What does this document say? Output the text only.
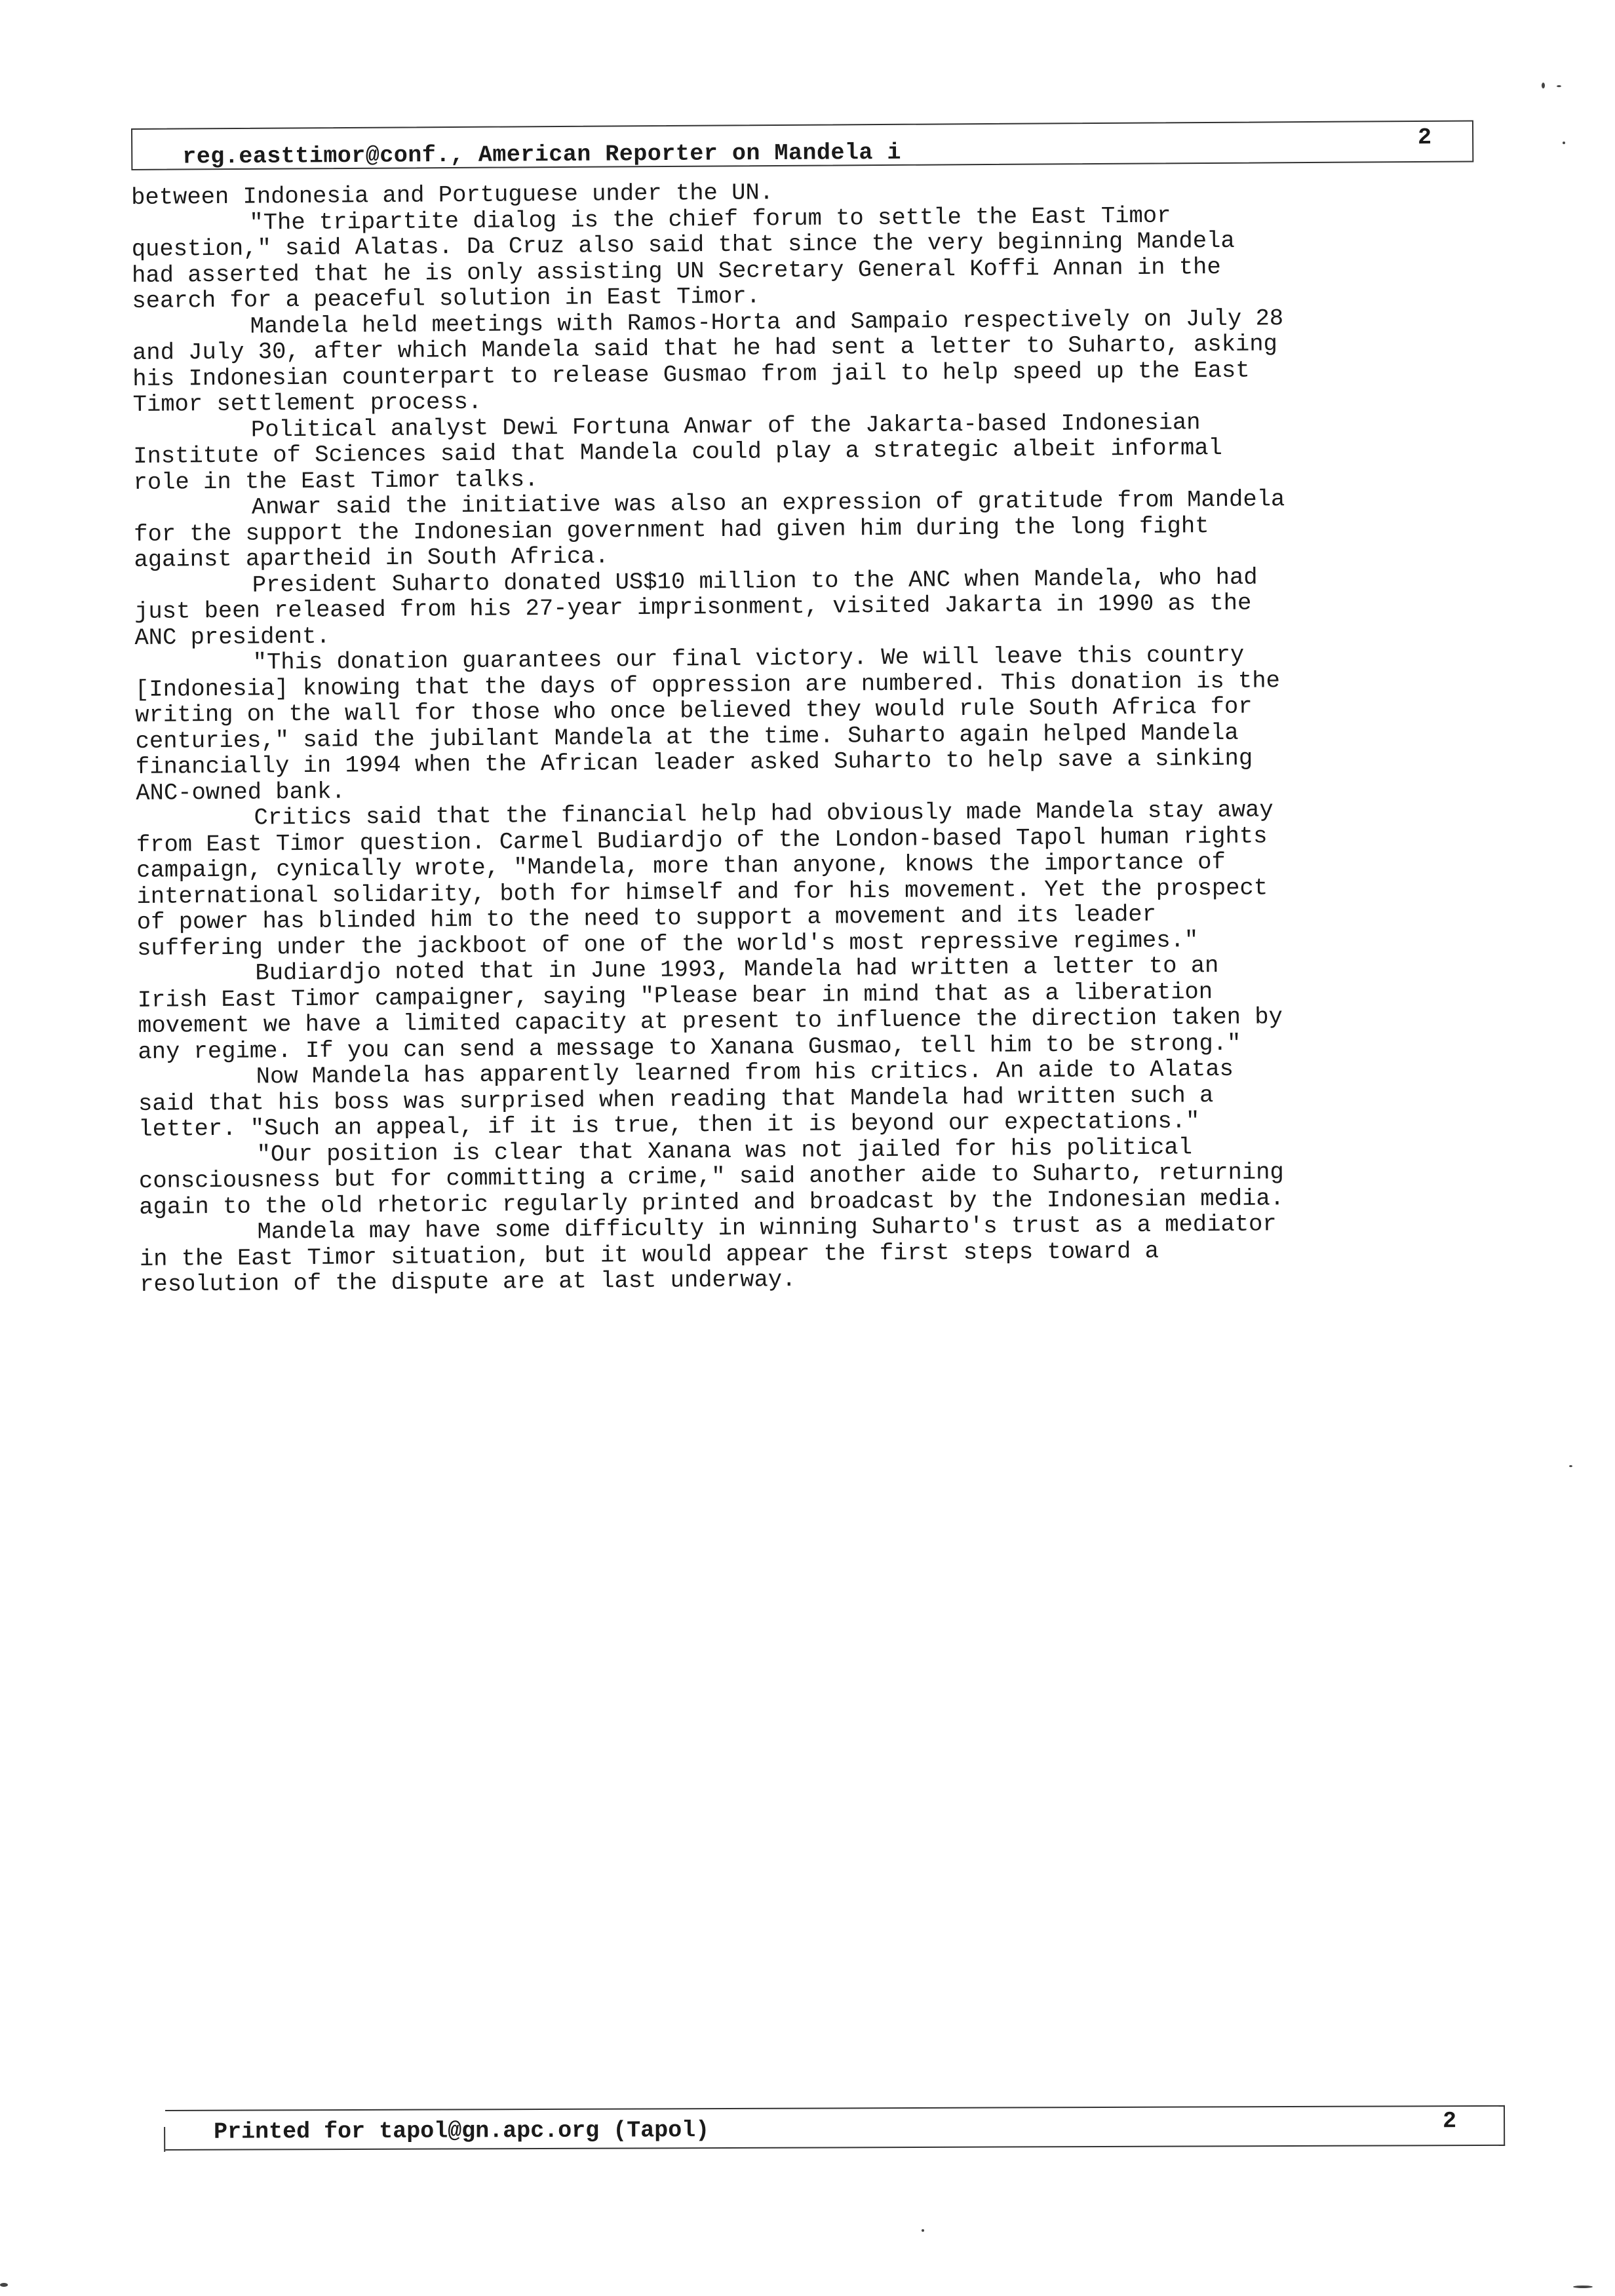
reg.easttimor@conf., American Reporter on Mandela i
2

between Indonesia and Portuguese under the UN.

"The tripartite dialog is the chief forum to settle the East Timor question," said Alatas. Da Cruz also said that since the very beginning Mandela had asserted that he is only assisting UN Secretary General Koffi Annan in the search for a peaceful solution in East Timor.

Mandela held meetings with Ramos-Horta and Sampaio respectively on July 28 and July 30, after which Mandela said that he had sent a letter to Suharto, asking his Indonesian counterpart to release Gusmao from jail to help speed up the East Timor settlement process.

Political analyst Dewi Fortuna Anwar of the Jakarta-based Indonesian Institute of Sciences said that Mandela could play a strategic albeit informal role in the East Timor talks.

Anwar said the initiative was also an expression of gratitude from Mandela for the support the Indonesian government had given him during the long fight against apartheid in South Africa.

President Suharto donated US$10 million to the ANC when Mandela, who had just been released from his 27-year imprisonment, visited Jakarta in 1990 as the ANC president.

"This donation guarantees our final victory. We will leave this country [Indonesia] knowing that the days of oppression are numbered. This donation is the writing on the wall for those who once believed they would rule South Africa for centuries," said the jubilant Mandela at the time. Suharto again helped Mandela financially in 1994 when the African leader asked Suharto to help save a sinking ANC-owned bank.

Critics said that the financial help had obviously made Mandela stay away from East Timor question. Carmel Budiardjo of the London-based Tapol human rights campaign, cynically wrote, "Mandela, more than anyone, knows the importance of international solidarity, both for himself and for his movement. Yet the prospect of power has blinded him to the need to support a movement and its leader suffering under the jackboot of one of the world's most repressive regimes."

Budiardjo noted that in June 1993, Mandela had written a letter to an Irish East Timor campaigner, saying "Please bear in mind that as a liberation movement we have a limited capacity at present to influence the direction taken by any regime. If you can send a message to Xanana Gusmao, tell him to be strong."

Now Mandela has apparently learned from his critics. An aide to Alatas said that his boss was surprised when reading that Mandela had written such a letter. "Such an appeal, if it is true, then it is beyond our expectations."

"Our position is clear that Xanana was not jailed for his political consciousness but for committing a crime," said another aide to Suharto, returning again to the old rhetoric regularly printed and broadcast by the Indonesian media.

Mandela may have some difficulty in winning Suharto's trust as a mediator in the East Timor situation, but it would appear the first steps toward a resolution of the dispute are at last underway.

Printed for tapol@gn.apc.org (Tapol)	2
